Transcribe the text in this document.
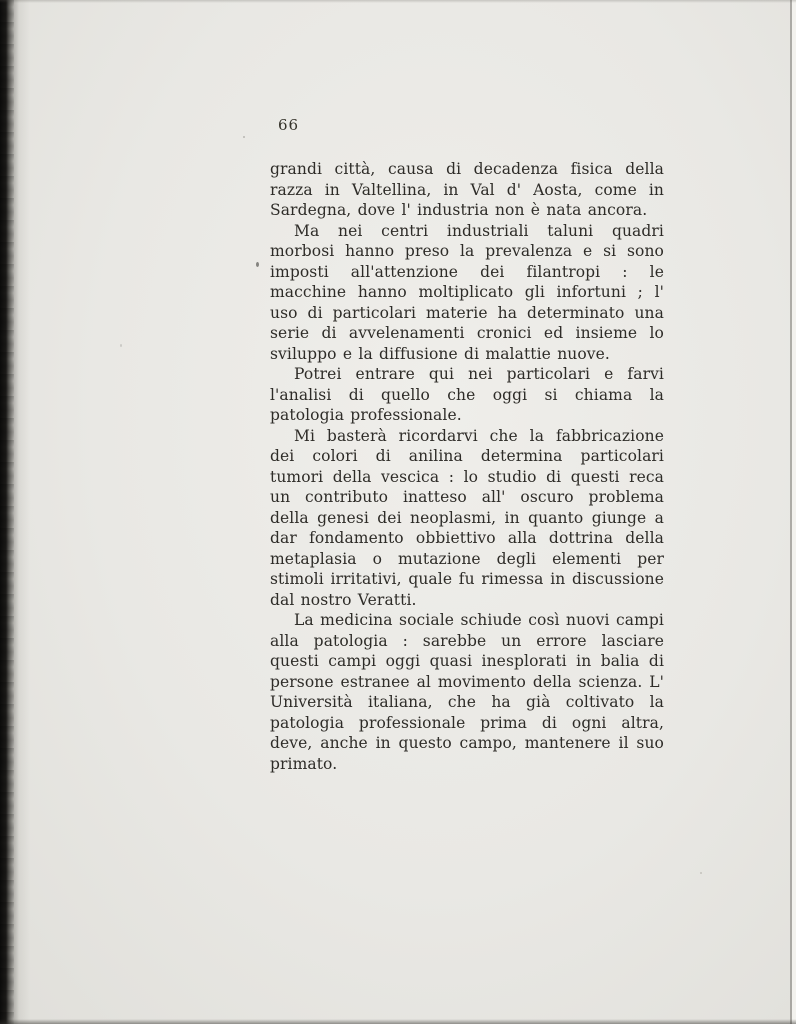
66

grandi città, causa di decadenza fisica della razza in Valtellina, in Val d' Aosta, come in Sardegna, dove l' industria non è nata ancora.

Ma nei centri industriali taluni quadri morbosi hanno preso la prevalenza e si sono imposti all'attenzione dei filantropi : le macchine hanno moltiplicato gli infortuni ; l' uso di particolari materie ha determinato una serie di avvelenamenti cronici ed insieme lo sviluppo e la diffusione di malattie nuove.

Potrei entrare qui nei particolari e farvi l'analisi di quello che oggi si chiama la patologia professionale.

Mi basterà ricordarvi che la fabbricazione dei colori di anilina determina particolari tumori della vescica : lo studio di questi reca un contributo inatteso all' oscuro problema della genesi dei neoplasmi, in quanto giunge a dar fondamento obbiettivo alla dottrina della metaplasia o mutazione degli elementi per stimoli irritativi, quale fu rimessa in discussione dal nostro Veratti.

La medicina sociale schiude così nuovi campi alla patologia : sarebbe un errore lasciare questi campi oggi quasi inesplorati in balia di persone estranee al movimento della scienza. L' Università italiana, che ha già coltivato la patologia professionale prima di ogni altra, deve, anche in questo campo, mantenere il suo primato.
